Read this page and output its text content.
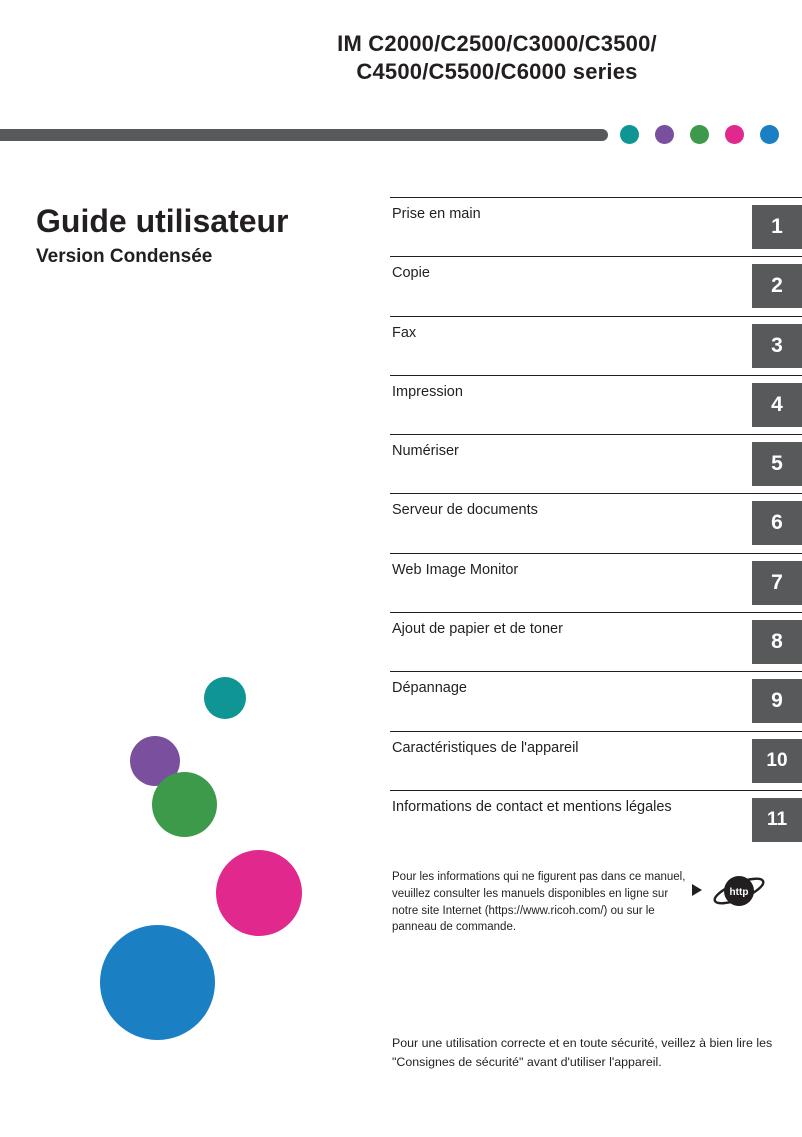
IM C2000/C2500/C3000/C3500/
C4500/C5500/C6000 series
Guide utilisateur
Version Condensée
Prise en main
1
Copie
2
Fax
3
Impression
4
Numériser
5
Serveur de documents
6
Web Image Monitor
7
Ajout de papier et de toner
8
Dépannage
9
Caractéristiques de l'appareil
10
Informations de contact et mentions légales
11
Pour les informations qui ne figurent pas dans ce manuel, veuillez consulter les manuels disponibles en ligne sur notre site Internet (https://www.ricoh.com/) ou sur le panneau de commande.
http
Pour une utilisation correcte et en toute sécurité, veillez à bien lire les "Consignes de sécurité" avant d'utiliser l'appareil.
